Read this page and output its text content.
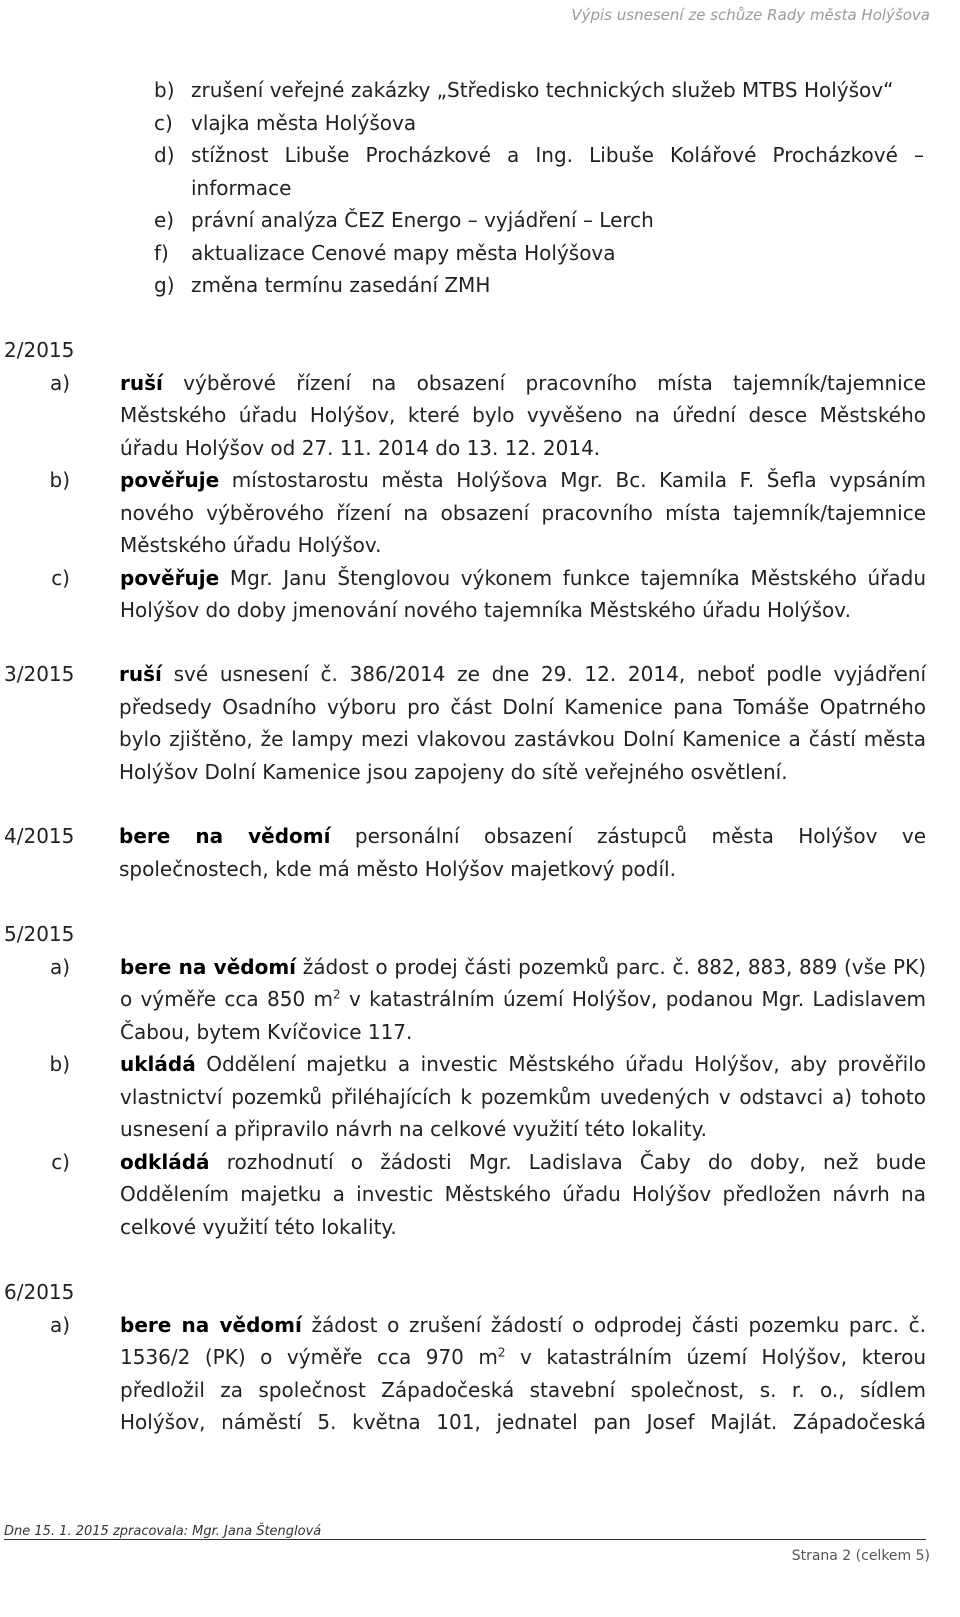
Výpis usnesení ze schůze Rady města Holýšova
b) zrušení veřejné zakázky „Středisko technických služeb MTBS Holýšov“
c) vlajka města Holýšova
d) stížnost Libuše Procházkové a Ing. Libuše Kolářové Procházkové –
informace
e) právní analýza ČEZ Energo – vyjádření – Lerch
f)	aktualizace Cenové mapy města Holýšova
g) změna termínu zasedání ZMH
2/2015
a)	ruší výběrové řízení na obsazení pracovního místa tajemník/tajemnice Městského úřadu Holýšov, které bylo vyvěšeno na úřední desce Městského úřadu Holýšov od 27. 11. 2014 do 13. 12. 2014.
b)	pověřuje místostarostu města Holýšova Mgr. Bc. Kamila F. Šefla vypsáním nového výběrového řízení na obsazení pracovního místa tajemník/tajemnice Městského úřadu Holýšov.
c)	pověřuje Mgr. Janu Štenglovou výkonem funkce tajemníka Městského úřadu Holýšov do doby jmenování nového tajemníka Městského úřadu Holýšov.
3/2015	ruší své usnesení č. 386/2014 ze dne 29. 12. 2014, neboť podle vyjádření předsedy Osadního výboru pro část Dolní Kamenice pana Tomáše Opatrného bylo zjištěno, že lampy mezi vlakovou zastávkou Dolní Kamenice a částí města Holýšov Dolní Kamenice jsou zapojeny do sítě veřejného osvětlení.
4/2015	bere na vědomí personální obsazení zástupců města Holýšov ve společnostech, kde má město Holýšov majetkový podíl.
5/2015
a)	bere na vědomí žádost o prodej části pozemků parc. č. 882, 883, 889 (vše PK) o výměře cca 850 $m^2$ v katastrálním území Holýšov, podanou Mgr. Ladislavem Čabou, bytem Kvíčovice 117.
b)	ukládá Oddělení majetku a investic Městského úřadu Holýšov, aby prověřilo vlastnictví pozemků přiléhajících k pozemkům uvedených v odstavci a) tohoto usnesení a připravilo návrh na celkové využití této lokality.
c)	odkládá rozhodnutí o žádosti Mgr. Ladislava Čaby do doby, než bude Oddělením majetku a investic Městského úřadu Holýšov předložen návrh na celkové využití této lokality.
6/2015
a)	bere na vědomí žádost o zrušení žádostí o odprodej části pozemku parc. č. 1536/2 (PK) o výměře cca 970 $m^2$ v katastrálním území Holýšov, kterou předložil za společnost Západočeská stavební společnost, s. r. o., sídlem Holýšov, náměstí 5. května 101, jednatel pan Josef Majlát. Západočeská
Dne 15. 1. 2015 zpracovala: Mgr. Jana Štenglová
Strana 2 (celkem 5)
